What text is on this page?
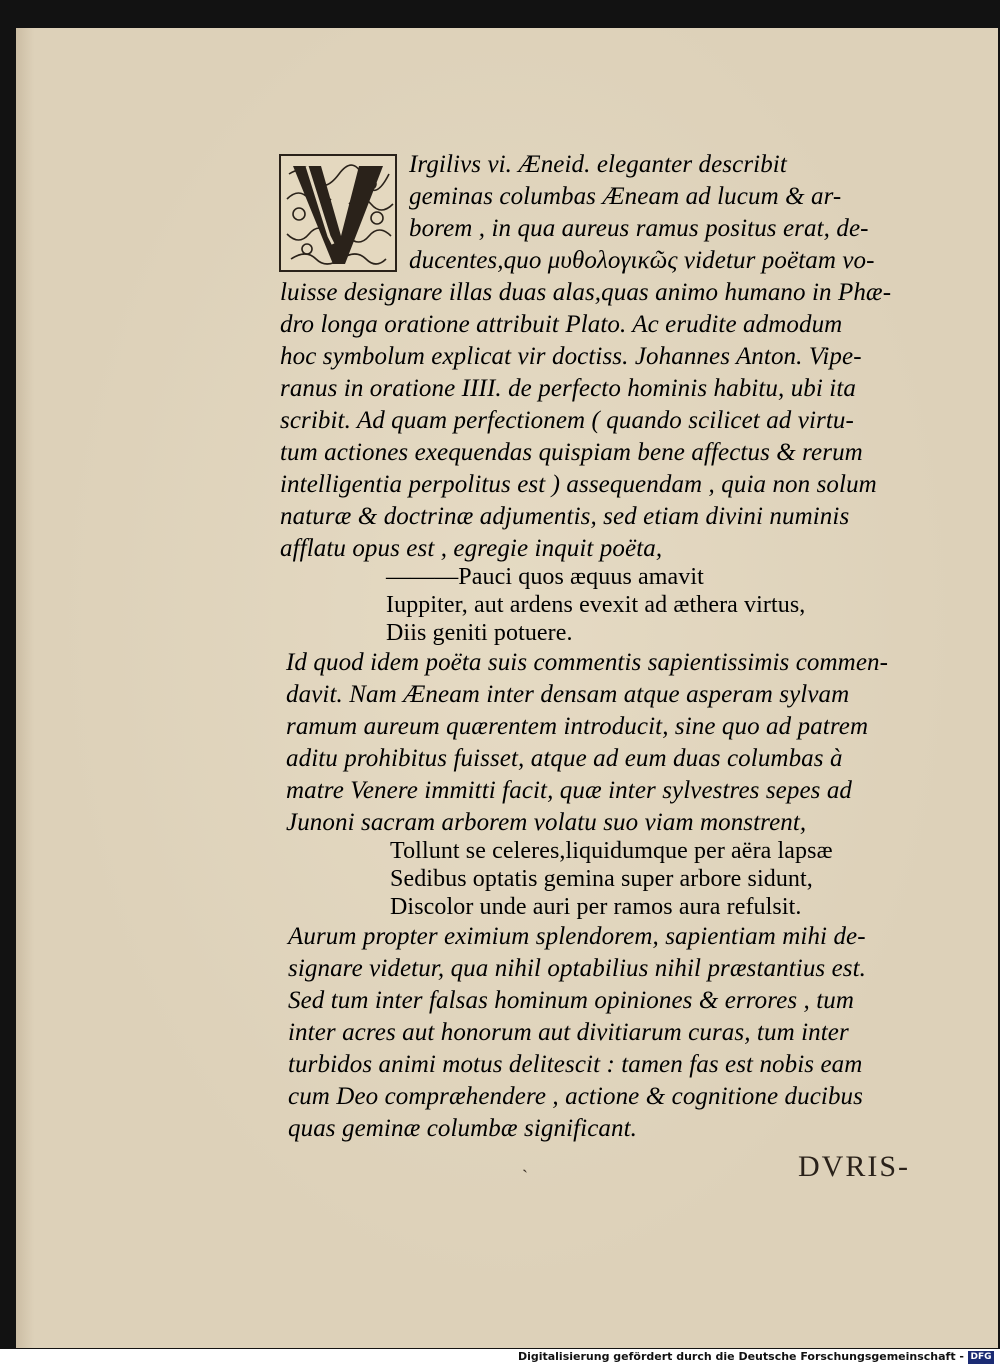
Irgilivs vi. Æneid. eleganter describit
geminas columbas Æneam ad lucum & ar-
borem , in qua aureus ramus positus erat, de-
ducentes,quo μυθολογικῶς videtur poëtam vo-
luisse designare illas duas alas,quas animo humano in Phæ-
dro longa oratione attribuit Plato. Ac erudite admodum
hoc symbolum explicat vir doctiss. Johannes Anton. Vipe-
ranus in oratione IIII. de perfecto hominis habitu, ubi ita
scribit. Ad quam perfectionem ( quando scilicet ad virtu-
tum actiones exequendas quispiam bene affectus & rerum
intelligentia perpolitus est ) assequendam , quia non solum
naturæ & doctrinæ adjumentis, sed etiam divini numinis
afflatu opus est , egregie inquit poëta,
———Pauci quos æquus amavit
Iuppiter, aut ardens evexit ad æthera virtus,
Diis geniti potuere.
Id quod idem poëta suis commentis sapientissimis commen-
davit. Nam Æneam inter densam atque asperam sylvam
ramum aureum quærentem introducit, sine quo ad patrem
aditu prohibitus fuisset, atque ad eum duas columbas à
matre Venere immitti facit, quæ inter sylvestres sepes ad
Junoni sacram arborem volatu suo viam monstrent,
Tollunt se celeres,liquidumque per aëra lapsæ
Sedibus optatis gemina super arbore sidunt,
Discolor unde auri per ramos aura refulsit.
Aurum propter eximium splendorem, sapientiam mihi de-
signare videtur, qua nihil optabilius nihil præstantius est.
Sed tum inter falsas hominum opiniones & errores , tum
inter acres aut honorum aut divitiarum curas, tum inter
turbidos animi motus delitescit : tamen fas est nobis eam
cum Deo compræhendere , actione & cognitione ducibus
quas geminæ columbæ significant.
DVRIS-
Digitalisierung gefördert durch die Deutsche Forschungsgemeinschaft - DFG
